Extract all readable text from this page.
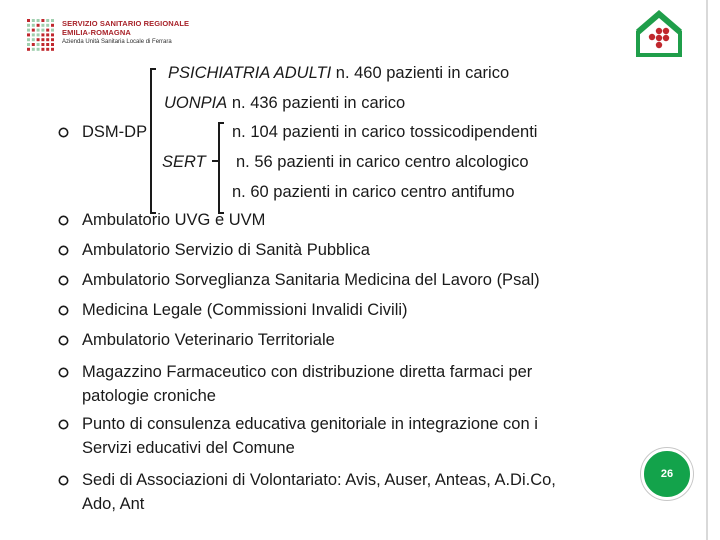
SERVIZIO SANITARIO REGIONALE
EMILIA-ROMAGNA
Azienda Unità Sanitaria Locale di Ferrara
DSM-DP
PSICHIATRIA ADULTI n. 460 pazienti in carico
UONPIA n. 436 pazienti in carico
n. 104 pazienti in carico tossicodipendenti
SERT n. 56 pazienti in carico centro alcologico
n. 60 pazienti in carico centro antifumo
Ambulatorio UVG e UVM
Ambulatorio Servizio di Sanità Pubblica
Ambulatorio Sorveglianza Sanitaria Medicina del Lavoro (Psal)
Medicina Legale (Commissioni Invalidi Civili)
Ambulatorio Veterinario Territoriale
Magazzino Farmaceutico con distribuzione diretta farmaci per
patologie croniche
Punto di consulenza educativa genitoriale in integrazione con i
Servizi educativi del Comune
Sedi di Associazioni di Volontariato: Avis, Auser, Anteas, A.Di.Co,
Ado, Ant
26
